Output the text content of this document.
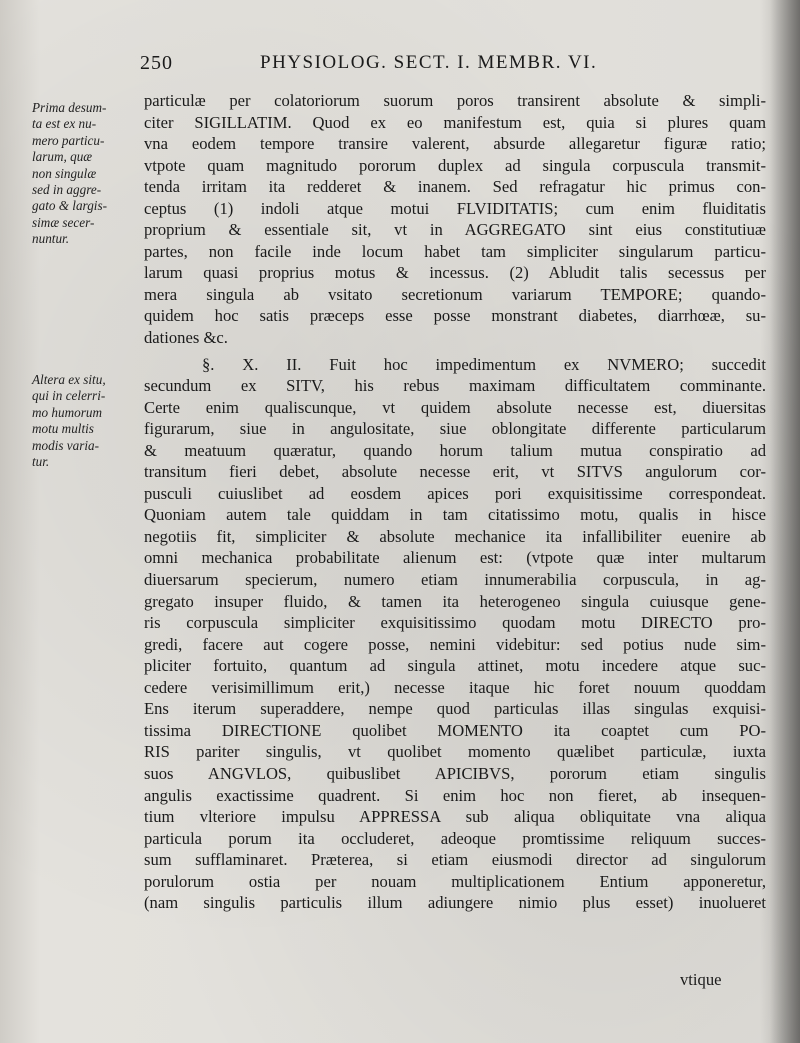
250	PHYSIOLOG. SECT. I. MEMBR. VI.
Prima desum-
ta est ex nu-
mero particu-
larum, quæ
non singulæ
sed in aggre-
gato & largis-
simæ secer-
nuntur.
Altera ex situ,
qui in celerri-
mo humorum
motu multis
modis varia-
tur.
particulæ per colatoriorum suorum poros transirent absolute & simpli-
citer SIGILLATIM. Quod ex eo manifestum est, quia si plures quam
vna eodem tempore transire valerent, absurde allegaretur figuræ ratio;
vtpote quam magnitudo pororum duplex ad singula corpuscula transmit-
tenda irritam ita redderet & inanem. Sed refragatur hic primus con-
ceptus (1) indoli atque motui FLVIDITATIS; cum enim fluiditatis
proprium & essentiale sit, vt in AGGREGATO sint eius constitutiuæ
partes, non facile inde locum habet tam simpliciter singularum particu-
larum quasi proprius motus & incessus. (2) Abludit talis secessus per
mera singula ab vsitato secretionum variarum TEMPORE; quando-
quidem hoc satis præceps esse posse monstrant diabetes, diarrhœæ, su-
dationes &c.
§. X. II. Fuit hoc impedimentum ex NVMERO; succedit
secundum ex SITV, his rebus maximam difficultatem comminante.
Certe enim qualiscunque, vt quidem absolute necesse est, diuersitas
figurarum, siue in angulositate, siue oblongitate differente particularum
& meatuum quæratur, quando horum talium mutua conspiratio ad
transitum fieri debet, absolute necesse erit, vt SITVS angulorum cor-
pusculi cuiuslibet ad eosdem apices pori exquisitissime correspondeat.
Quoniam autem tale quiddam in tam citatissimo motu, qualis in hisce
negotiis fit, simpliciter & absolute mechanice ita infallibiliter euenire ab
omni mechanica probabilitate alienum est: (vtpote quæ inter multarum
diuersarum specierum, numero etiam innumerabilia corpuscula, in ag-
gregato insuper fluido, & tamen ita heterogeneo singula cuiusque gene-
ris corpuscula simpliciter exquisitissimo quodam motu DIRECTO pro-
gredi, facere aut cogere posse, nemini videbitur: sed potius nude sim-
pliciter fortuito, quantum ad singula attinet, motu incedere atque suc-
cedere verisimillimum erit,) necesse itaque hic foret nouum quoddam
Ens iterum superaddere, nempe quod particulas illas singulas exquisi-
tissima DIRECTIONE quolibet MOMENTO ita coaptet cum PO-
RIS pariter singulis, vt quolibet momento quælibet particulæ, iuxta
suos ANGVLOS, quibuslibet APICIBVS, pororum etiam singulis
angulis exactissime quadrent. Si enim hoc non fieret, ab insequen-
tium vlteriore impulsu APPRESSA sub aliqua obliquitate vna aliqua
particula porum ita occluderet, adeoque promtissime reliquum succes-
sum sufflaminaret. Præterea, si etiam eiusmodi director ad singulorum
porulorum ostia per nouam multiplicationem Entium apponeretur,
(nam singulis particulis illum adiungere nimio plus esset) inuolueret
vtique
